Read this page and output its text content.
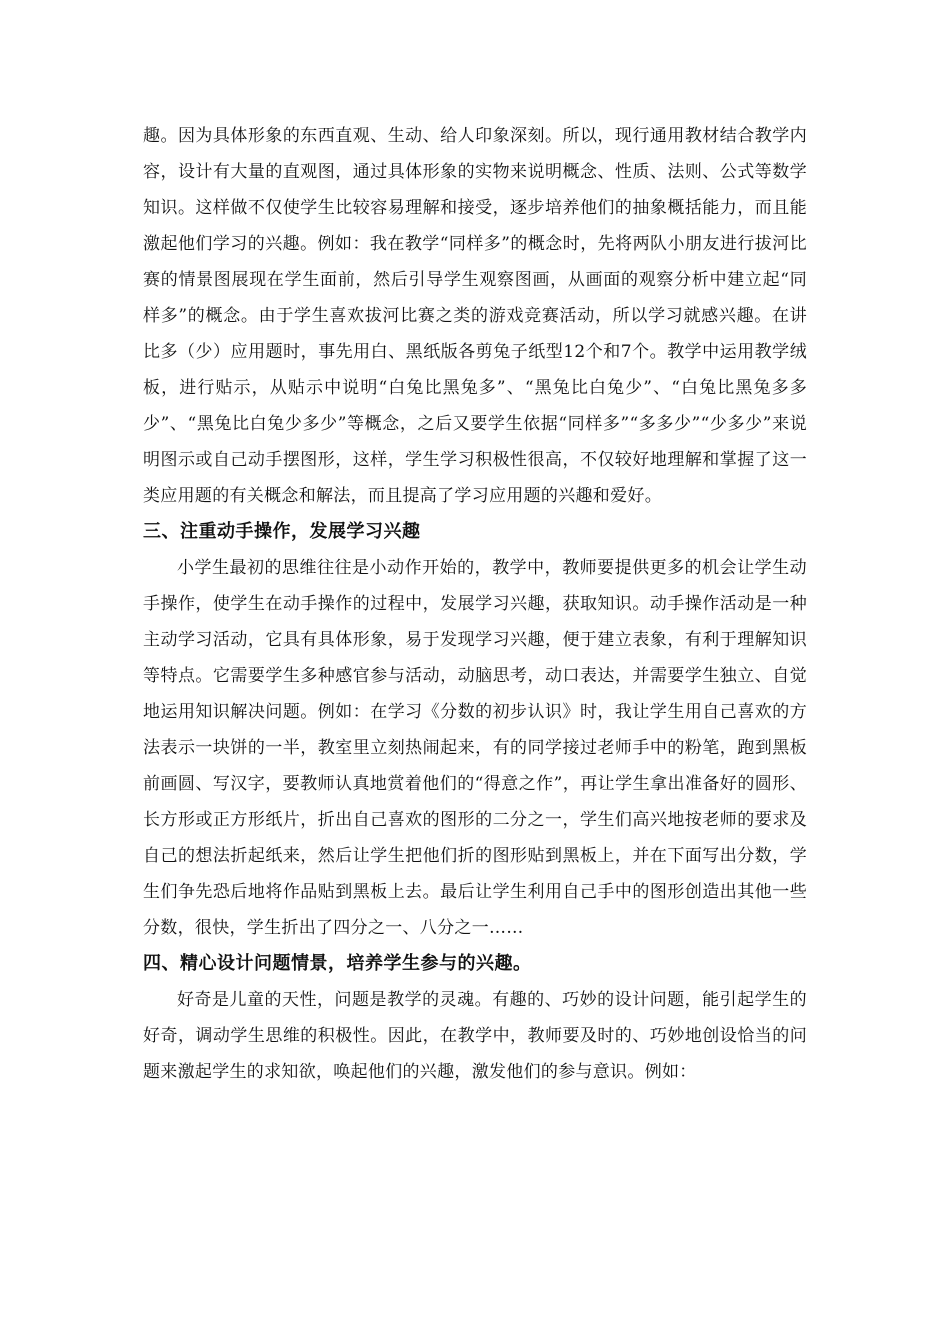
趣。因为具体形象的东西直观、生动、给人印象深刻。所以，现行通用教材结合教学内容，设计有大量的直观图，通过具体形象的实物来说明概念、性质、法则、公式等数学知识。这样做不仅使学生比较容易理解和接受，逐步培养他们的抽象概括能力，而且能激起他们学习的兴趣。例如：我在教学“同样多”的概念时，先将两队小朋友进行拔河比赛的情景图展现在学生面前，然后引导学生观察图画，从画面的观察分析中建立起“同样多”的概念。由于学生喜欢拔河比赛之类的游戏竞赛活动，所以学习就感兴趣。在讲比多（少）应用题时，事先用白、黑纸版各剪兔子纸型12个和7个。教学中运用教学绒板，进行贴示，从贴示中说明“白兔比黑兔多”、“黑兔比白兔少”、“白兔比黑兔多多少”、“黑兔比白兔少多少”等概念，之后又要学生依据“同样多”“多多少”“少多少”来说明图示或自己动手摆图形，这样，学生学习积极性很高，不仅较好地理解和掌握了这一类应用题的有关概念和解法，而且提高了学习应用题的兴趣和爱好。

三、注重动手操作，发展学习兴趣

小学生最初的思维往往是小动作开始的，教学中，教师要提供更多的机会让学生动手操作，使学生在动手操作的过程中，发展学习兴趣，获取知识。动手操作活动是一种主动学习活动，它具有具体形象，易于发现学习兴趣，便于建立表象，有利于理解知识等特点。它需要学生多种感官参与活动，动脑思考，动口表达，并需要学生独立、自觉地运用知识解决问题。例如：在学习《分数的初步认识》时，我让学生用自己喜欢的方法表示一块饼的一半，教室里立刻热闹起来，有的同学接过老师手中的粉笔，跑到黑板前画圆、写汉字，要教师认真地赏着他们的“得意之作”，再让学生拿出准备好的圆形、长方形或正方形纸片，折出自己喜欢的图形的二分之一，学生们高兴地按老师的要求及自己的想法折起纸来，然后让学生把他们折的图形贴到黑板上，并在下面写出分数，学生们争先恐后地将作品贴到黑板上去。最后让学生利用自己手中的图形创造出其他一些分数，很快，学生折出了四分之一、八分之一……

四、精心设计问题情景，培养学生参与的兴趣。

好奇是儿童的天性，问题是教学的灵魂。有趣的、巧妙的设计问题，能引起学生的好奇，调动学生思维的积极性。因此，在教学中，教师要及时的、巧妙地创设恰当的问题来激起学生的求知欲，唤起他们的兴趣，激发他们的参与意识。例如：
